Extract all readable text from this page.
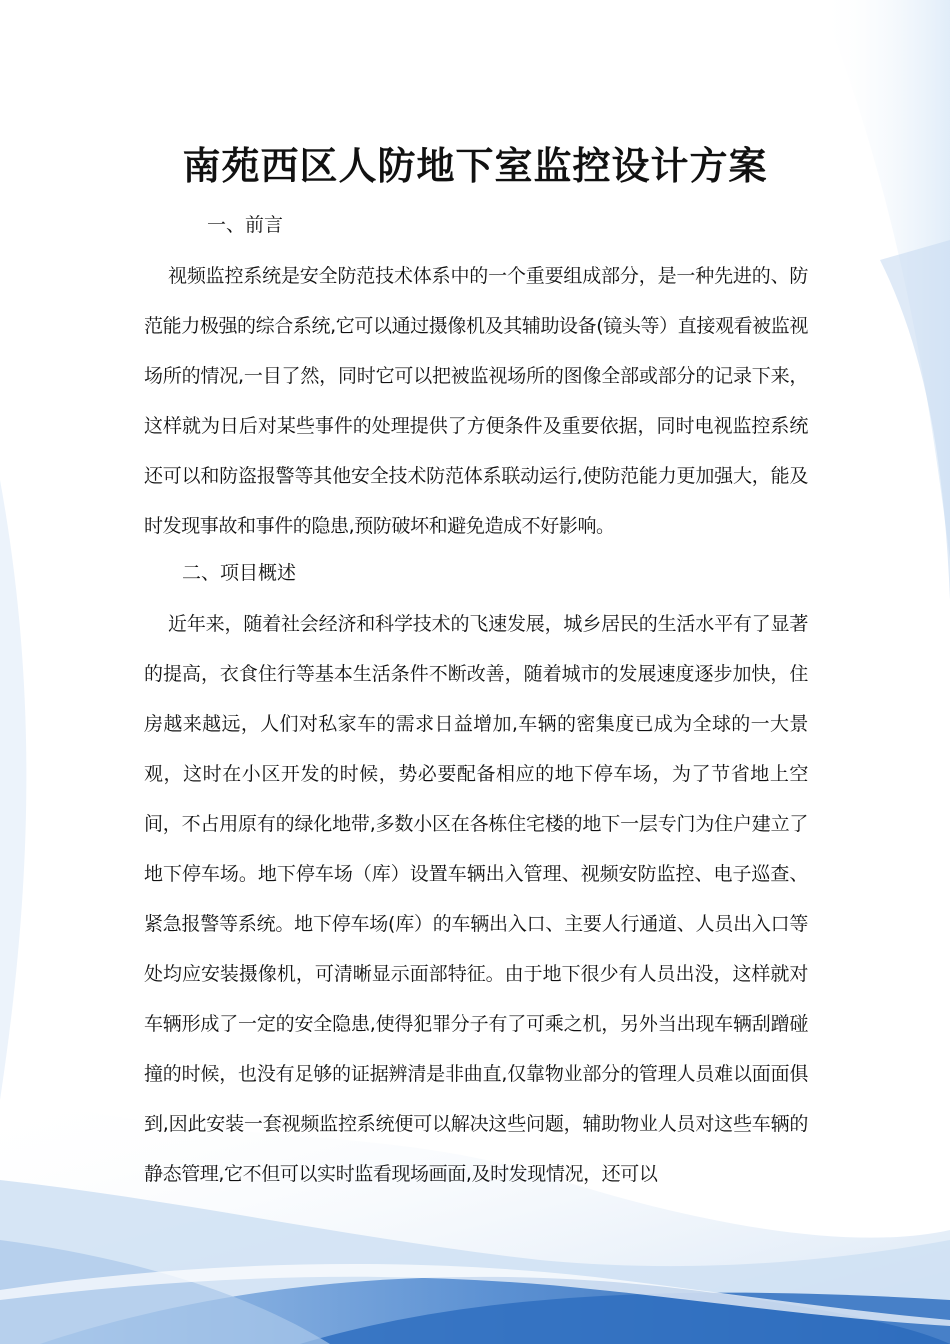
南苑西区人防地下室监控设计方案
一、前言

视频监控系统是安全防范技术体系中的一个重要组成部分，是一种先进的、防范能力极强的综合系统,它可以通过摄像机及其辅助设备(镜头等）直接观看被监视场所的情况,一目了然，同时它可以把被监视场所的图像全部或部分的记录下来，这样就为日后对某些事件的处理提供了方便条件及重要依据，同时电视监控系统还可以和防盗报警等其他安全技术防范体系联动运行,使防范能力更加强大，能及时发现事故和事件的隐患,预防破坏和避免造成不好影响。

二、项目概述

近年来，随着社会经济和科学技术的飞速发展，城乡居民的生活水平有了显著的提高，衣食住行等基本生活条件不断改善，随着城市的发展速度逐步加快，住房越来越远，人们对私家车的需求日益增加,车辆的密集度已成为全球的一大景观，这时在小区开发的时候，势必要配备相应的地下停车场，为了节省地上空间，不占用原有的绿化地带,多数小区在各栋住宅楼的地下一层专门为住户建立了地下停车场。地下停车场（库）设置车辆出入管理、视频安防监控、电子巡查、紧急报警等系统。地下停车场(库）的车辆出入口、主要人行通道、人员出入口等处均应安装摄像机，可清晰显示面部特征。由于地下很少有人员出没，这样就对车辆形成了一定的安全隐患,使得犯罪分子有了可乘之机，另外当出现车辆刮蹭碰撞的时候，也没有足够的证据辨清是非曲直,仅靠物业部分的管理人员难以面面俱到,因此安装一套视频监控系统便可以解决这些问题，辅助物业人员对这些车辆的静态管理,它不但可以实时监看现场画面,及时发现情况，还可以
